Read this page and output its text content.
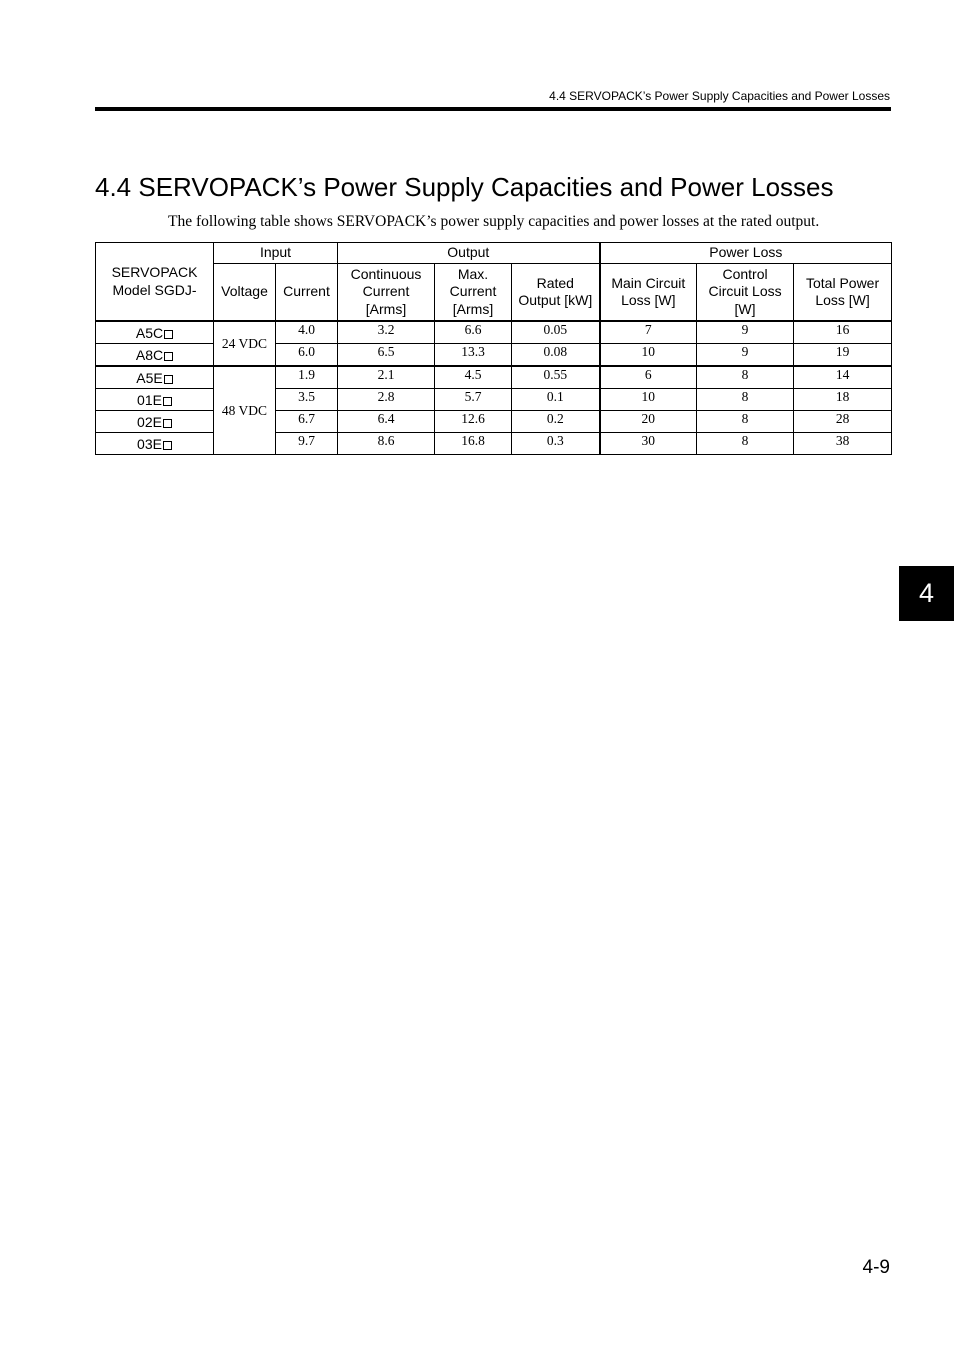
4.4 SERVOPACK’s Power Supply Capacities and Power Losses
4.4 SERVOPACK’s Power Supply Capacities and Power Losses

The following table shows SERVOPACK’s power supply capacities and power losses at the rated output.

SERVOPACK
Model SGDJ-	Input		Output			Power Loss		
	Voltage	Current	Continuous
Current
[Arms]	Max.
Current
[Arms]	Rated
Output [kW]	Main Circuit
Loss [W]	Control
Circuit Loss
[W]	Total Power
Loss [W]
A5C	24 VDC	4.0	3.2	6.6	0.05	7	9	16
A8C		6.0	6.5	13.3	0.08	10	9	19
A5E	48 VDC	1.9	2.1	4.5	0.55	6	8	14
01E		3.5	2.8	5.7	0.1	10	8	18
02E		6.7	6.4	12.6	0.2	20	8	28
03E		9.7	8.6	16.8	0.3	30	8	38
4
4-9
